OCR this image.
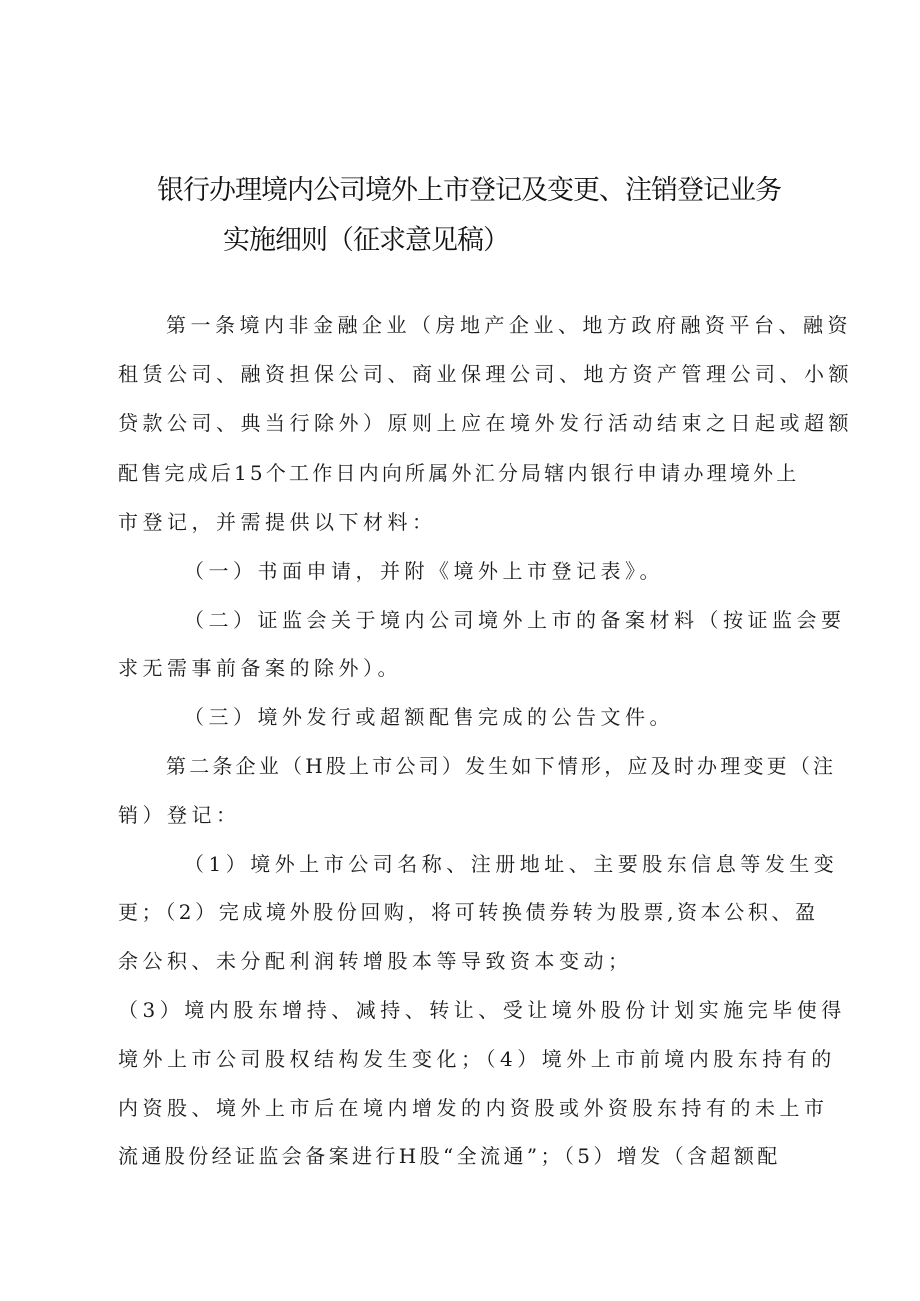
银行办理境内公司境外上市登记及变更、注销登记业务
实施细则（征求意见稿）
第一条境内非金融企业（房地产企业、地方政府融资平台、融资
租赁公司、融资担保公司、商业保理公司、地方资产管理公司、小额
贷款公司、典当行除外）原则上应在境外发行活动结束之日起或超额
配售完成后15个工作日内向所属外汇分局辖内银行申请办理境外上
市登记，并需提供以下材料：
（一）书面申请，并附《境外上市登记表》。
（二）证监会关于境内公司境外上市的备案材料（按证监会要
求无需事前备案的除外）。
（三）境外发行或超额配售完成的公告文件。
第二条企业（H股上市公司）发生如下情形，应及时办理变更（注
销）登记：
（1）境外上市公司名称、注册地址、主要股东信息等发生变
更；（2）完成境外股份回购，将可转换债券转为股票,资本公积、盈
余公积、未分配利润转增股本等导致资本变动；
（3）境内股东增持、减持、转让、受让境外股份计划实施完毕使得
境外上市公司股权结构发生变化；（4）境外上市前境内股东持有的
内资股、境外上市后在境内增发的内资股或外资股东持有的未上市
流通股份经证监会备案进行H股“全流通”；（5）增发（含超额配
